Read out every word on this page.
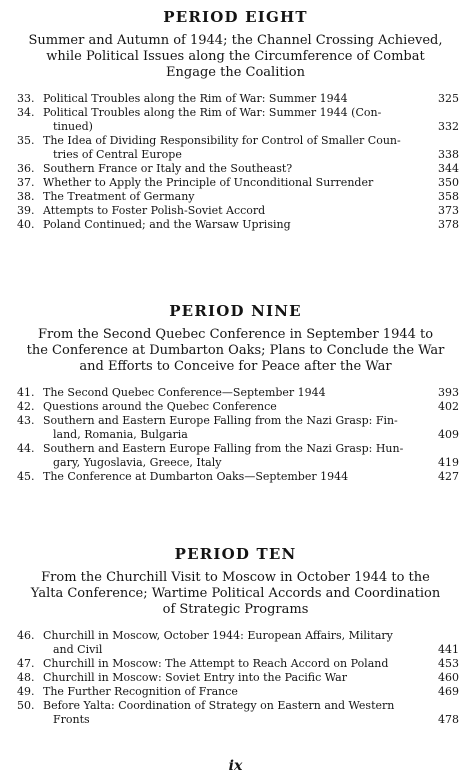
PERIOD EIGHT

Summer and Autumn of 1944; the Channel Crossing Achieved, while Political Issues along the Circumference of Combat Engage the Coalition

33. Political Troubles along the Rim of War: Summer 1944	325
34. Political Troubles along the Rim of War: Summer 1944 (Con-
tinued)	332
35. The Idea of Dividing Responsibility for Control of Smaller Coun-
tries of Central Europe	338
36. Southern France or Italy and the Southeast?	344
37. Whether to Apply the Principle of Unconditional Surrender	350
38. The Treatment of Germany	358
39. Attempts to Foster Polish-Soviet Accord	373
40. Poland Continued; and the Warsaw Uprising	378
PERIOD NINE

From the Second Quebec Conference in September 1944 to the Conference at Dumbarton Oaks; Plans to Conclude the War and Efforts to Conceive for Peace after the War

41. The Second Quebec Conference—September 1944	393
42. Questions around the Quebec Conference	402
43. Southern and Eastern Europe Falling from the Nazi Grasp: Fin-
land, Romania, Bulgaria	409
44. Southern and Eastern Europe Falling from the Nazi Grasp: Hun-
gary, Yugoslavia, Greece, Italy	419
45. The Conference at Dumbarton Oaks—September 1944	427
PERIOD TEN

From the Churchill Visit to Moscow in October 1944 to the Yalta Conference; Wartime Political Accords and Coordination of Strategic Programs

46. Churchill in Moscow, October 1944: European Affairs, Military
and Civil	441
47. Churchill in Moscow: The Attempt to Reach Accord on Poland	453
48. Churchill in Moscow: Soviet Entry into the Pacific War	460
49. The Further Recognition of France	469
50. Before Yalta: Coordination of Strategy on Eastern and Western
Fronts	478
ix
